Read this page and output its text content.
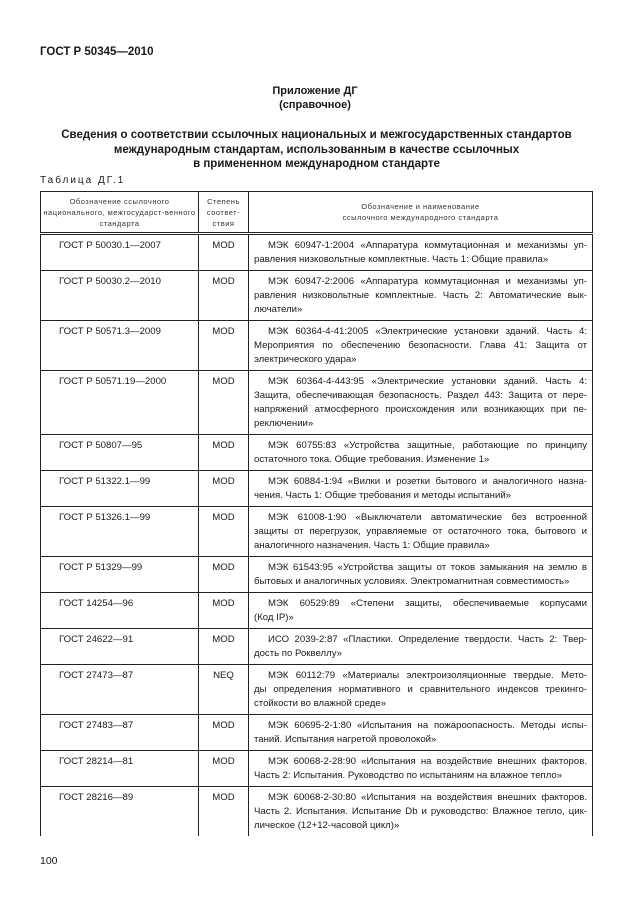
ГОСТ Р 50345—2010
Приложение ДГ
(справочное)
Сведения о соответствии ссылочных национальных и межгосударственных стандартов
международным стандартам, использованным в качестве ссылочных
в примененном международном стандарте
Таблица ДГ.1
Обозначение ссылочного национального, межгосударст-венного стандарта	Степень соответ-ствия	Обозначение и наименование ссылочного международного стандарта
ГОСТ Р 50030.1—2007	MOD	МЭК 60947-1:2004 «Аппаратура коммутационная и механизмы уп-
равления низковольтные комплектные. Часть 1: Общие правила»

ГОСТ Р 50030.2—2010	MOD	МЭК 60947-2:2006 «Аппаратура коммутационная и механизмы уп-
равления низковольтные комплектные. Часть 2: Автоматические вык-
лючатели»

ГОСТ Р 50571.3—2009	MOD	МЭК 60364-4-41:2005 «Электрические установки зданий. Часть 4:
Мероприятия по обеспечению безопасности. Глава 41: Защита от
электрического удара»

ГОСТ Р 50571.19—2000	MOD	МЭК 60364-4-443:95 «Электрические установки зданий. Часть 4:
Защита, обеспечивающая безопасность. Раздел 443: Защита от пере-
напряжений атмосферного происхождения или возникающих при пе-
реключении»

ГОСТ Р 50807—95	MOD	МЭК 60755:83 «Устройства защитные, работающие по принципу
остаточного тока. Общие требования. Изменение 1»

ГОСТ Р 51322.1—99	MOD	МЭК 60884-1:94 «Вилки и розетки бытового и аналогичного назна-
чения. Часть 1: Общие требования и методы испытаний»

ГОСТ Р 51326.1—99	MOD	МЭК 61008-1:90 «Выключатели автоматические без встроенной
защиты от перегрузок, управляемые от остаточного тока, бытового и
аналогичного назначения. Часть 1: Общие правила»

ГОСТ Р 51329—99	MOD	МЭК 61543:95 «Устройства защиты от токов замыкания на землю в
бытовых и аналогичных условиях. Электромагнитная совместимость»

ГОСТ 14254—96	MOD	МЭК 60529:89 «Степени защиты, обеспечиваемые корпусами
(Код IP)»

ГОСТ 24622—91	MOD	ИСО 2039-2:87 «Пластики. Определение твердости. Часть 2: Твер-
дость по Роквеллу»

ГОСТ 27473—87	NEQ	МЭК 60112:79 «Материалы электроизоляционные твердые. Мето-
ды определения нормативного и сравнительного индексов трекинго-
стойкости во влажной среде»

ГОСТ 27483—87	MOD	МЭК 60695-2-1:80 «Испытания на пожароопасность. Методы испы-
таний. Испытания нагретой проволокой»

ГОСТ 28214—81	MOD	МЭК 60068-2-28:90 «Испытания на воздействие внешних факторов.
Часть 2: Испытания. Руководство по испытаниям на влажное тепло»

ГОСТ 28216—89	MOD	МЭК 60068-2-30:80 «Испытания на воздействия внешних факторов.
Часть 2. Испытания. Испытание Db и руководство: Влажное тепло, цик-
лическое (12+12-часовой цикл)»
100
